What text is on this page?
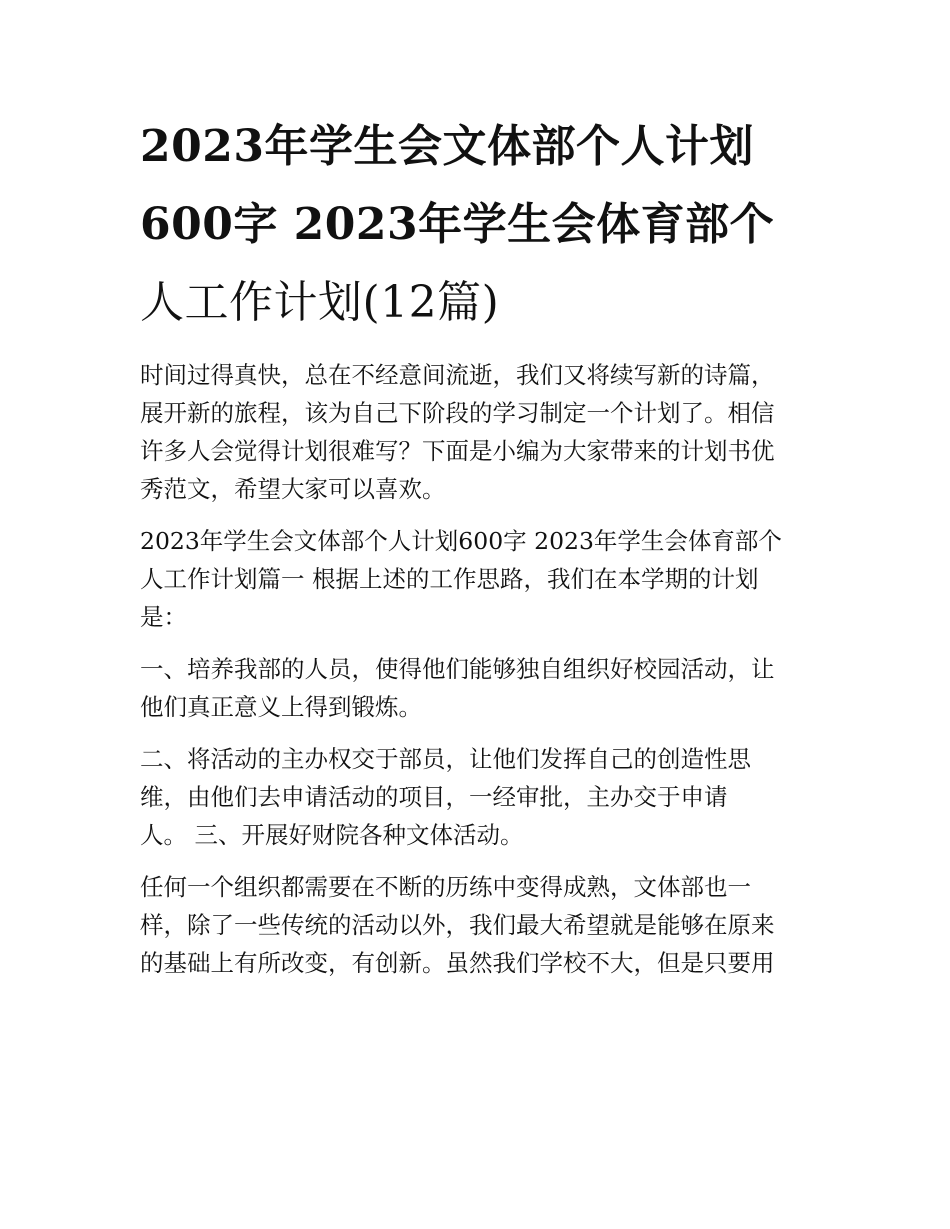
2023年学生会文体部个人计划
600字 2023年学生会体育部个
人工作计划(12篇)
时间过得真快，总在不经意间流逝，我们又将续写新的诗篇，
展开新的旅程，该为自己下阶段的学习制定一个计划了。相信
许多人会觉得计划很难写？下面是小编为大家带来的计划书优
秀范文，希望大家可以喜欢。
2023年学生会文体部个人计划600字 2023年学生会体育部个
人工作计划篇一 根据上述的工作思路，我们在本学期的计划
是：
一、培养我部的人员，使得他们能够独自组织好校园活动，让
他们真正意义上得到锻炼。
二、将活动的主办权交于部员，让他们发挥自己的创造性思
维，由他们去申请活动的项目，一经审批，主办交于申请
人。 三、开展好财院各种文体活动。
任何一个组织都需要在不断的历练中变得成熟，文体部也一
样，除了一些传统的活动以外，我们最大希望就是能够在原来
的基础上有所改变，有创新。虽然我们学校不大，但是只要用
